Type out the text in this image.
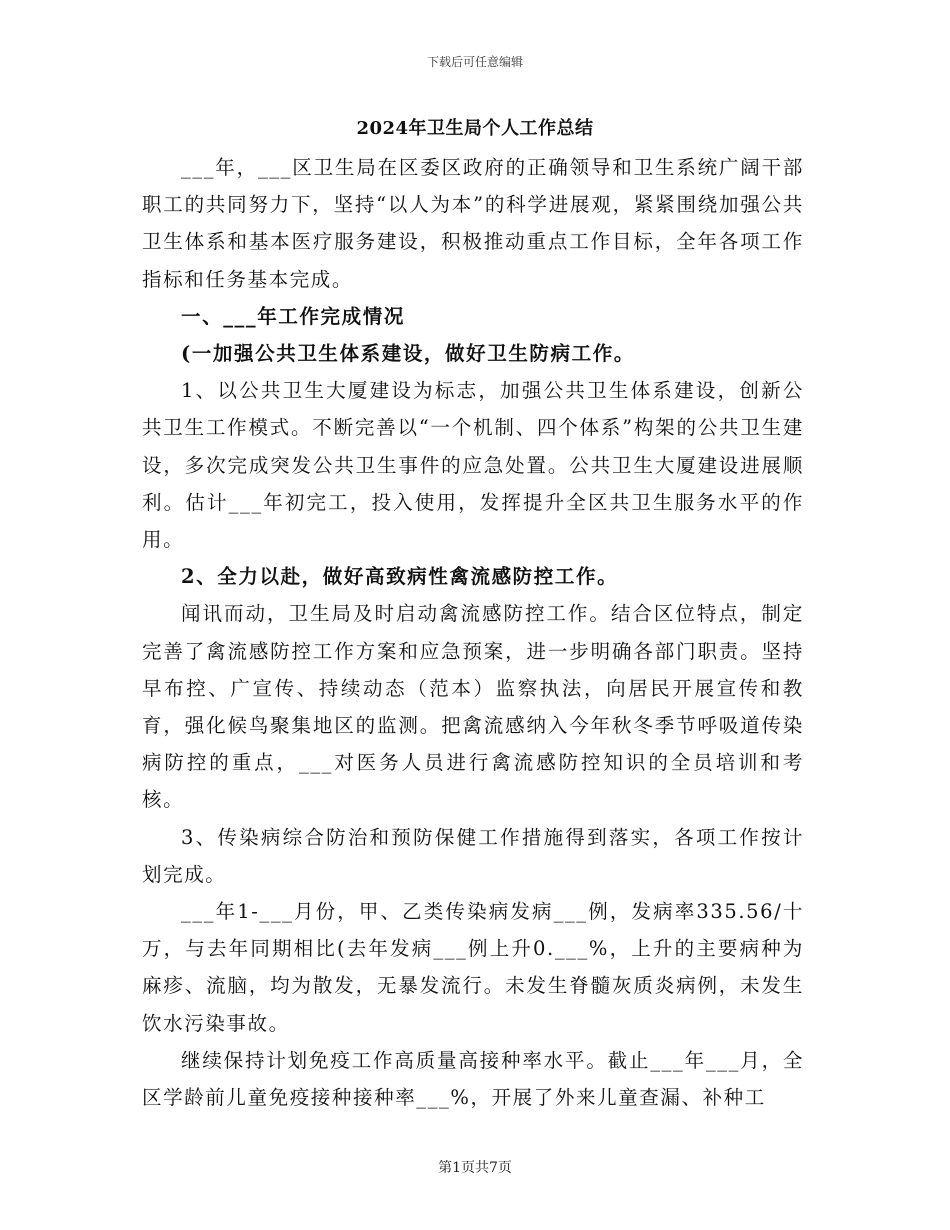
下载后可任意编辑
2024年卫生局个人工作总结

___年，___区卫生局在区委区政府的正确领导和卫生系统广阔干部职工的共同努力下，坚持“以人为本”的科学进展观，紧紧围绕加强公共卫生体系和基本医疗服务建设，积极推动重点工作目标，全年各项工作指标和任务基本完成。

一、___年工作完成情况

(一加强公共卫生体系建设，做好卫生防病工作。

1、以公共卫生大厦建设为标志，加强公共卫生体系建设，创新公共卫生工作模式。不断完善以“一个机制、四个体系”构架的公共卫生建设，多次完成突发公共卫生事件的应急处置。公共卫生大厦建设进展顺利。估计___年初完工，投入使用，发挥提升全区共卫生服务水平的作用。

2、全力以赴，做好高致病性禽流感防控工作。

闻讯而动，卫生局及时启动禽流感防控工作。结合区位特点，制定完善了禽流感防控工作方案和应急预案，进一步明确各部门职责。坚持早布控、广宣传、持续动态（范本）监察执法，向居民开展宣传和教育，强化候鸟聚集地区的监测。把禽流感纳入今年秋冬季节呼吸道传染病防控的重点，___对医务人员进行禽流感防控知识的全员培训和考核。

3、传染病综合防治和预防保健工作措施得到落实，各项工作按计划完成。

___年1-___月份，甲、乙类传染病发病___例，发病率335.56/十万，与去年同期相比(去年发病___例上升0.___%，上升的主要病种为麻疹、流脑，均为散发，无暴发流行。未发生脊髓灰质炎病例，未发生饮水污染事故。

继续保持计划免疫工作高质量高接种率水平。截止___年___月，全区学龄前儿童免疫接种接种率___%，开展了外来儿童查漏、补种工

第1页共7页
